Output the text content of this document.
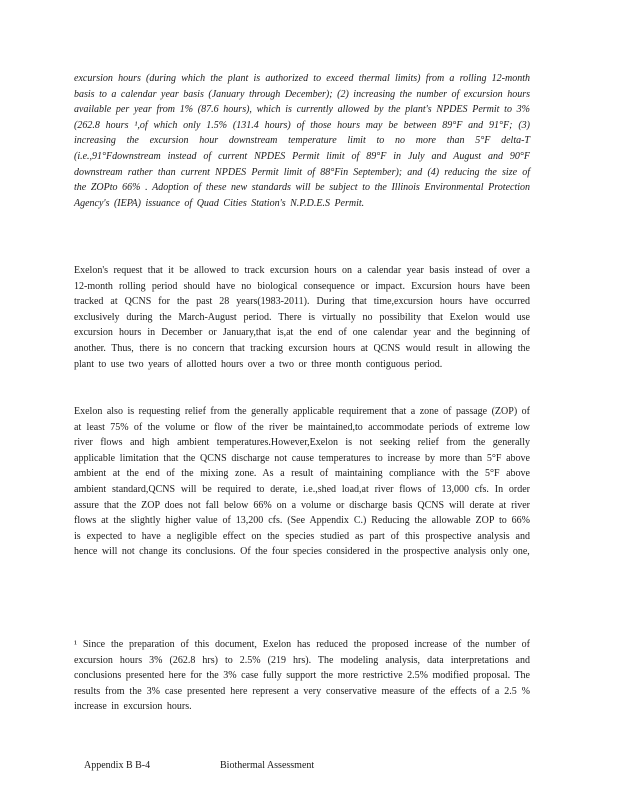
excursion hours (during which the plant is authorized to exceed thermal limits) from a rolling 12-month basis to a calendar year basis (January through December); (2) increasing the number of excursion hours available per year from 1% (87.6 hours), which is currently allowed by the plant's NPDES Permit to 3% (262.8 hours ¹,of which only 1.5% (131.4 hours) of those hours may be between 89°F and 91°F; (3) increasing the excursion hour downstream temperature limit to no more than 5°F delta-T (i.e.,91°Fdownstream instead of current NPDES Permit limit of 89°F in July and August and 90°F downstream rather than current NPDES Permit limit of 88°Fin September); and (4) reducing the size of the ZOPto 66% . Adoption of these new standards will be subject to the Illinois Environmental Protection Agency's (IEPA) issuance of Quad Cities Station's N.P.D.E.S Permit.

Exelon's request that it be allowed to track excursion hours on a calendar year basis instead of over a 12-month rolling period should have no biological consequence or impact. Excursion hours have been tracked at QCNS for the past 28 years(1983-2011). During that time,excursion hours have occurred exclusively during the March-August period. There is virtually no possibility that Exelon would use excursion hours in December or January,that is,at the end of one calendar year and the beginning of another. Thus, there is no concern that tracking excursion hours at QCNS would result in allowing the plant to use two years of allotted hours over a two or three month contiguous period.

Exelon also is requesting relief from the generally applicable requirement that a zone of passage (ZOP) of at least 75% of the volume or flow of the river be maintained,to accommodate periods of extreme low river flows and high ambient temperatures.However,Exelon is not seeking relief from the generally applicable limitation that the QCNS discharge not cause temperatures to increase by more than 5°F above ambient at the end of the mixing zone. As a result of maintaining compliance with the 5°F above ambient standard,QCNS will be required to derate, i.e.,shed load,at river flows of 13,000 cfs. In order assure that the ZOP does not fall below 66% on a volume or discharge basis QCNS will derate at river flows at the slightly higher value of 13,200 cfs. (See Appendix C.) Reducing the allowable ZOP to 66% is expected to have a negligible effect on the species studied as part of this prospective analysis and hence will not change its conclusions. Of the four species considered in the prospective analysis only one,

¹ Since the preparation of this document, Exelon has reduced the proposed increase of the number of excursion hours 3% (262.8 hrs) to 2.5% (219 hrs). The modeling analysis, data interpretations and conclusions presented here for the 3% case fully support the more restrictive 2.5% modified proposal. The results from the 3% case presented here represent a very conservative measure of the effects of a 2.5 % increase in excursion hours.

Appendix B B-4	Biothermal Assessment
